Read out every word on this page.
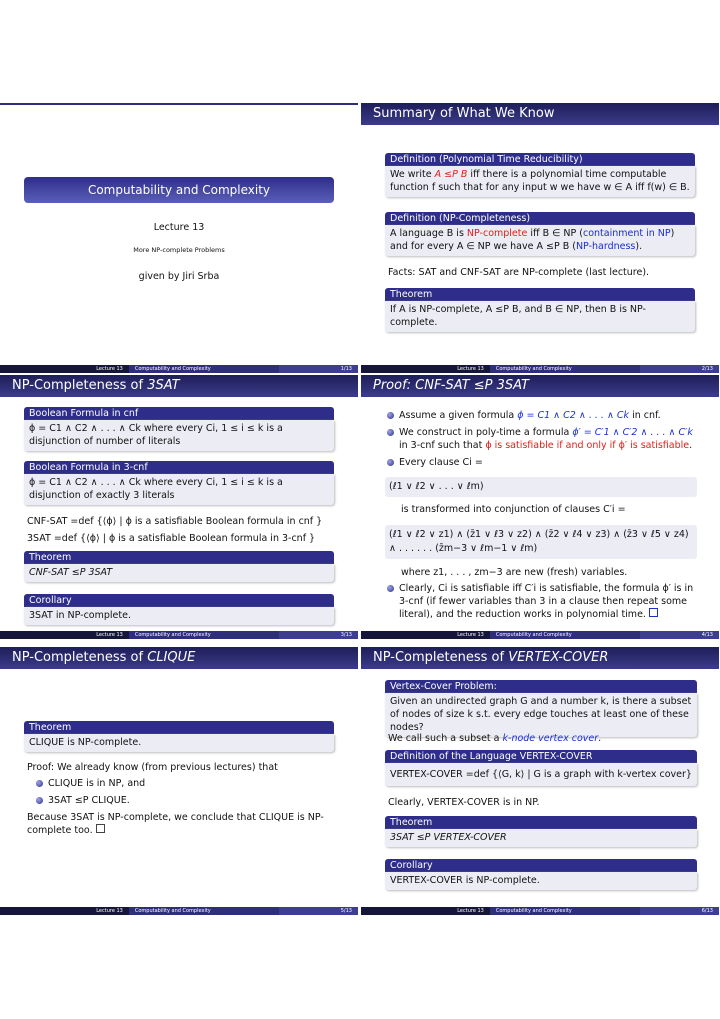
Computability and Complexity
Lecture 13
More NP-complete Problems
given by Jiri Srba
Lecture 13	Computability and Complexity	1/13
Summary of What We Know
Definition (Polynomial Time Reducibility)
We write A ≤P B iff there is a polynomial time computable function f such that for any input w we have w ∈ A iff f(w) ∈ B.
Definition (NP-Completeness)
A language B is NP-complete iff B ∈ NP (containment in NP) and for every A ∈ NP we have A ≤P B (NP-hardness).
Facts: SAT and CNF-SAT are NP-complete (last lecture).
Theorem
If A is NP-complete, A ≤P B, and B ∈ NP, then B is NP-complete.
Lecture 13	Computability and Complexity	2/13
NP-Completeness of 3SAT
Boolean Formula in cnf
ϕ = C1 ∧ C2 ∧ . . . ∧ Ck where every Ci, 1 ≤ i ≤ k is a disjunction of number of literals
Boolean Formula in 3-cnf
ϕ = C1 ∧ C2 ∧ . . . ∧ Ck where every Ci, 1 ≤ i ≤ k is a disjunction of exactly 3 literals
CNF-SAT =def {⟨ϕ⟩ | ϕ is a satisfiable Boolean formula in cnf }
3SAT =def {⟨ϕ⟩ | ϕ is a satisfiable Boolean formula in 3-cnf }
Theorem
CNF-SAT ≤P 3SAT
Corollary
3SAT in NP-complete.
Lecture 13	Computability and Complexity	3/13
Proof: CNF-SAT ≤P 3SAT
Assume a given formula ϕ = C1 ∧ C2 ∧ . . . ∧ Ck in cnf.
We construct in poly-time a formula ϕ′ = C′1 ∧ C′2 ∧ . . . ∧ C′k in 3-cnf such that ϕ is satisfiable if and only if ϕ′ is satisfiable.
Every clause Ci =
(ℓ1 ∨ ℓ2 ∨ . . . ∨ ℓm)
is transformed into conjunction of clauses C′i =
(ℓ1 ∨ ℓ2 ∨ z1) ∧ (z̄1 ∨ ℓ3 ∨ z2) ∧ (z̄2 ∨ ℓ4 ∨ z3) ∧ (z̄3 ∨ ℓ5 ∨ z4) ∧ . . . . . . (z̄m−3 ∨ ℓm−1 ∨ ℓm)
where z1, . . . , zm−3 are new (fresh) variables.
Clearly, Ci is satisfiable iff C′i is satisfiable, the formula ϕ′ is in 3-cnf (if fewer variables than 3 in a clause then repeat some literal), and the reduction works in polynomial time.
Lecture 13	Computability and Complexity	4/13
NP-Completeness of CLIQUE
Theorem
CLIQUE is NP-complete.
Proof: We already know (from previous lectures) that
CLIQUE is in NP, and
3SAT ≤P CLIQUE.
Because 3SAT is NP-complete, we conclude that CLIQUE is NP-complete too.
Lecture 13	Computability and Complexity	5/13
NP-Completeness of VERTEX-COVER
Vertex-Cover Problem:
Given an undirected graph G and a number k, is there a subset of nodes of size k s.t. every edge touches at least one of these nodes?
We call such a subset a k-node vertex cover.
Definition of the Language VERTEX-COVER
VERTEX-COVER =def {⟨G, k⟩ | G is a graph with k-vertex cover}
Clearly, VERTEX-COVER is in NP.
Theorem
3SAT ≤P VERTEX-COVER
Corollary
VERTEX-COVER is NP-complete.
Lecture 13	Computability and Complexity	6/13
